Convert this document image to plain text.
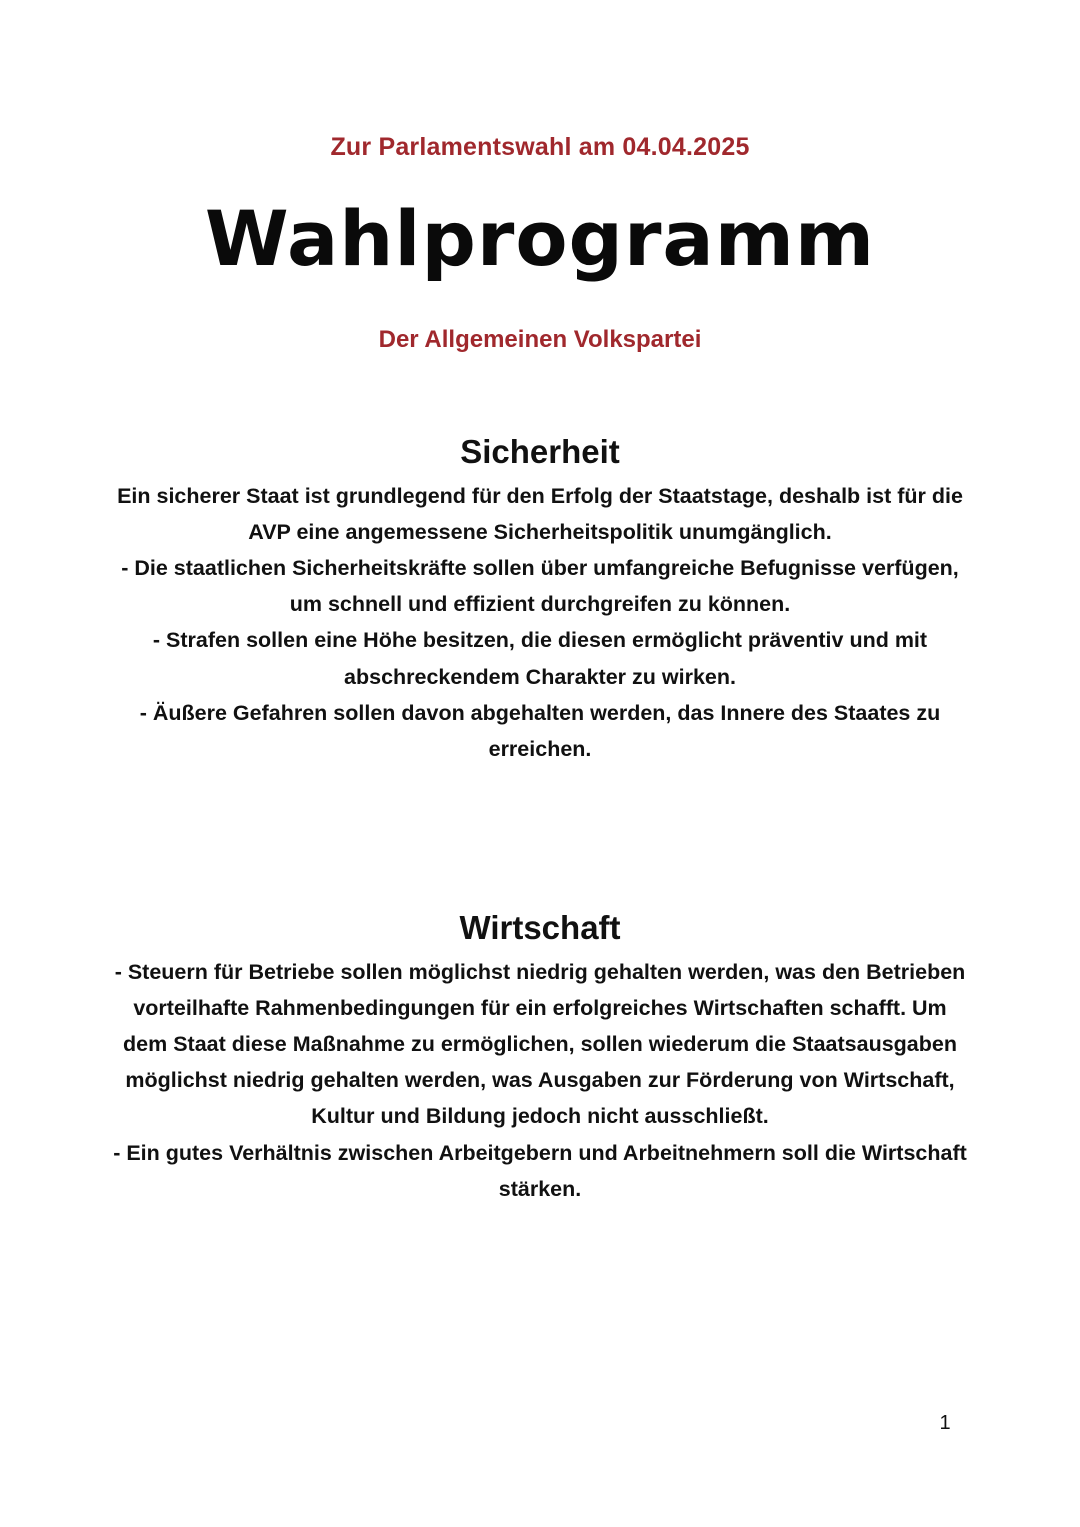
Zur Parlamentswahl am 04.04.2025
Wahlprogramm
Der Allgemeinen Volkspartei
Sicherheit

Ein sicherer Staat ist grundlegend für den Erfolg der Staatstage, deshalb ist für die AVP eine angemessene Sicherheitspolitik unumgänglich.

- Die staatlichen Sicherheitskräfte sollen über umfangreiche Befugnisse verfügen, um schnell und effizient durchgreifen zu können.

- Strafen sollen eine Höhe besitzen, die diesen ermöglicht präventiv und mit abschreckendem Charakter zu wirken.

- Äußere Gefahren sollen davon abgehalten werden, das Innere des Staates zu erreichen.

Wirtschaft

- Steuern für Betriebe sollen möglichst niedrig gehalten werden, was den Betrieben vorteilhafte Rahmenbedingungen für ein erfolgreiches Wirtschaften schafft. Um dem Staat diese Maßnahme zu ermöglichen, sollen wiederum die Staatsausgaben möglichst niedrig gehalten werden, was Ausgaben zur Förderung von Wirtschaft, Kultur und Bildung jedoch nicht ausschließt.

- Ein gutes Verhältnis zwischen Arbeitgebern und Arbeitnehmern soll die Wirtschaft stärken.

1
